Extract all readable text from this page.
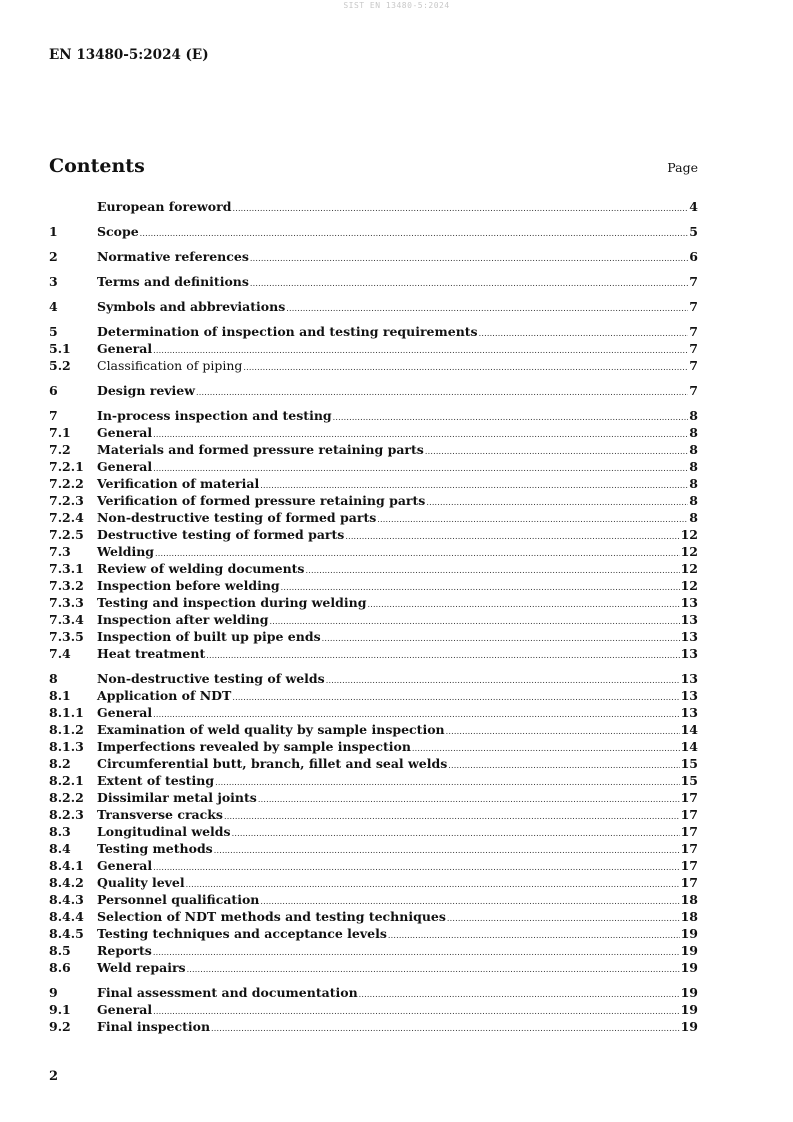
SIST EN 13480-5:2024
EN 13480-5:2024 (E)
Contents	Page
European foreword .....	4
1	Scope .....	5
2	Normative references .....	6
3	Terms and definitions .....	7
4	Symbols and abbreviations .....	7
5	Determination of inspection and testing requirements .....	7
5.1	General .....	7
5.2	Classification of piping .....	7
6	Design review .....	7
7	In-process inspection and testing .....	8
7.1	General .....	8
7.2	Materials and formed pressure retaining parts .....	8
7.2.1	General .....	8
7.2.2	Verification of material .....	8
7.2.3	Verification of formed pressure retaining parts .....	8
7.2.4	Non-destructive testing of formed parts .....	8
7.2.5	Destructive testing of formed parts .....	12
7.3	Welding .....	12
7.3.1	Review of welding documents .....	12
7.3.2	Inspection before welding .....	12
7.3.3	Testing and inspection during welding .....	13
7.3.4	Inspection after welding .....	13
7.3.5	Inspection of built up pipe ends .....	13
7.4	Heat treatment .....	13
8	Non-destructive testing of welds .....	13
8.1	Application of NDT .....	13
8.1.1	General .....	13
8.1.2	Examination of weld quality by sample inspection .....	14
8.1.3	Imperfections revealed by sample inspection .....	14
8.2	Circumferential butt, branch, fillet and seal welds .....	15
8.2.1	Extent of testing .....	15
8.2.2	Dissimilar metal joints .....	17
8.2.3	Transverse cracks .....	17
8.3	Longitudinal welds .....	17
8.4	Testing methods .....	17
8.4.1	General .....	17
8.4.2	Quality level .....	17
8.4.3	Personnel qualification .....	18
8.4.4	Selection of NDT methods and testing techniques .....	18
8.4.5	Testing techniques and acceptance levels .....	19
8.5	Reports .....	19
8.6	Weld repairs .....	19
9	Final assessment and documentation .....	19
9.1	General .....	19
9.2	Final inspection .....	19
2
